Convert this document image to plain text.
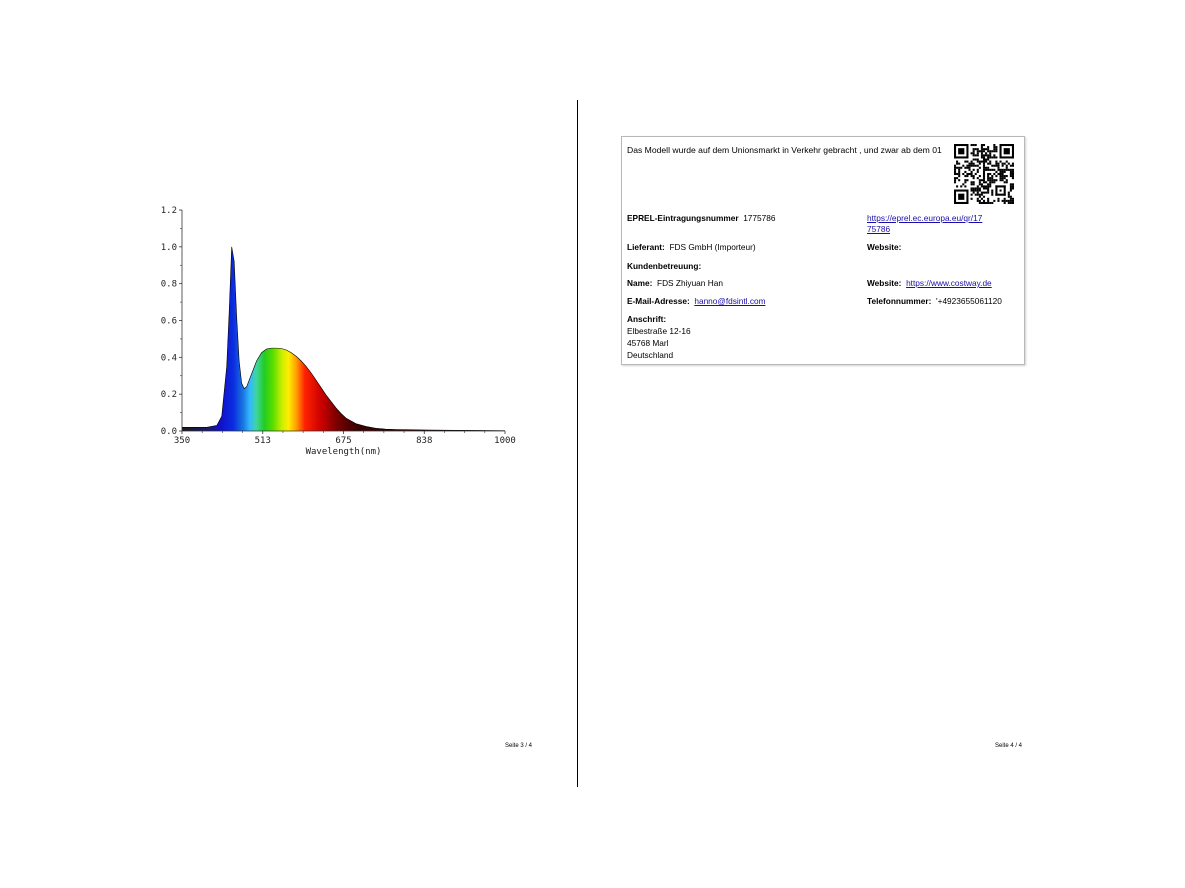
0.0
0.2
0.4
0.6
0.8
1.0
1.2
350	513	675	838	1000
Wavelength(nm)
Seite 3 / 4
Das Modell wurde auf dem Unionsmarkt in Verkehr gebracht , und zwar ab dem 01
EPREL-Eintragungsnummer 1775786	https://eprel.ec.europa.eu/qr/17
75786
Lieferant: FDS GmbH (Importeur)	Website:
Kundenbetreuung:
Name: FDS Zhiyuan Han	Website: https://www.costway.de
E-Mail-Adresse: hanno@fdsintl.com	Telefonnummer: '+4923655061120
Anschrift:
Elbestraße 12-16
45768 Marl
Deutschland
Seite 4 / 4
